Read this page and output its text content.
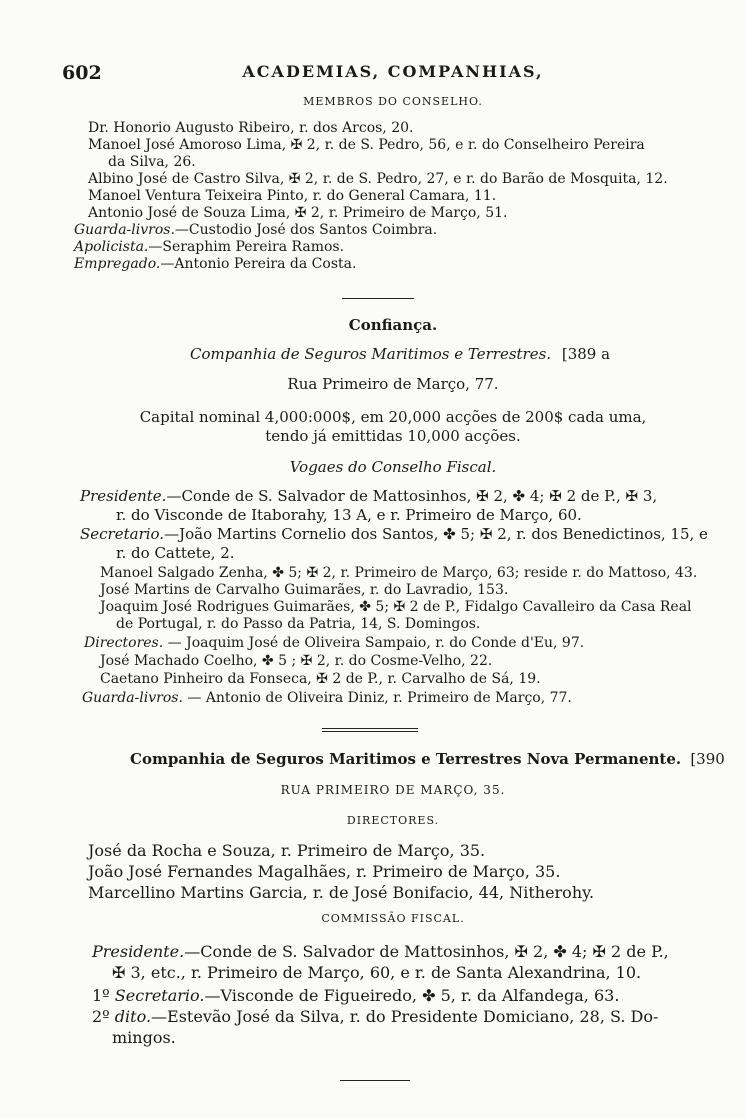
602	ACADEMIAS, COMPANHIAS,
MEMBROS DO CONSELHO.
Dr. Honorio Augusto Ribeiro, r. dos Arcos, 20.
Manoel José Amoroso Lima, ✠ 2, r. de S. Pedro, 56, e r. do Conselheiro Pereira
da Silva, 26.
Albino José de Castro Silva, ✠ 2, r. de S. Pedro, 27, e r. do Barão de Mosquita, 12.
Manoel Ventura Teixeira Pinto, r. do General Camara, 11.
Antonio José de Souza Lima, ✠ 2, r. Primeiro de Março, 51.
Guarda-livros.—Custodio José dos Santos Coimbra.
Apolicista.—Seraphim Pereira Ramos.
Empregado.—Antonio Pereira da Costa.
Confiança.
Companhia de Seguros Maritimos e Terrestres. [389 a
Rua Primeiro de Março, 77.
Capital nominal 4,000:000$, em 20,000 acções de 200$ cada uma,
tendo já emittidas 10,000 acções.
Vogaes do Conselho Fiscal.
Presidente.—Conde de S. Salvador de Mattosinhos, ✠ 2, ✤ 4; ✠ 2 de P., ✠ 3,
r. do Visconde de Itaborahy, 13 A, e r. Primeiro de Março, 60.
Secretario.—João Martins Cornelio dos Santos, ✤ 5; ✠ 2, r. dos Benedictinos, 15, e
r. do Cattete, 2.
Manoel Salgado Zenha, ✤ 5; ✠ 2, r. Primeiro de Março, 63; reside r. do Mattoso, 43.
José Martins de Carvalho Guimarães, r. do Lavradio, 153.
Joaquim José Rodrigues Guimarães, ✤ 5; ✠ 2 de P., Fidalgo Cavalleiro da Casa Real
de Portugal, r. do Passo da Patria, 14, S. Domingos.
Directores. — Joaquim José de Oliveira Sampaio, r. do Conde d'Eu, 97.
José Machado Coelho, ✤ 5 ; ✠ 2, r. do Cosme-Velho, 22.
Caetano Pinheiro da Fonseca, ✠ 2 de P., r. Carvalho de Sá, 19.
Guarda-livros. — Antonio de Oliveira Diniz, r. Primeiro de Março, 77.
Companhia de Seguros Maritimos e Terrestres Nova Permanente. [390
RUA PRIMEIRO DE MARÇO, 35.
DIRECTORES.
José da Rocha e Souza, r. Primeiro de Março, 35.
João José Fernandes Magalhães, r. Primeiro de Março, 35.
Marcellino Martins Garcia, r. de José Bonifacio, 44, Nitherohy.
COMMISSÃO FISCAL.
Presidente.—Conde de S. Salvador de Mattosinhos, ✠ 2, ✤ 4; ✠ 2 de P.,
✠ 3, etc., r. Primeiro de Março, 60, e r. de Santa Alexandrina, 10.
1º Secretario.—Visconde de Figueiredo, ✤ 5, r. da Alfandega, 63.
2º dito.—Estevão José da Silva, r. do Presidente Domiciano, 28, S. Do-
mingos.
